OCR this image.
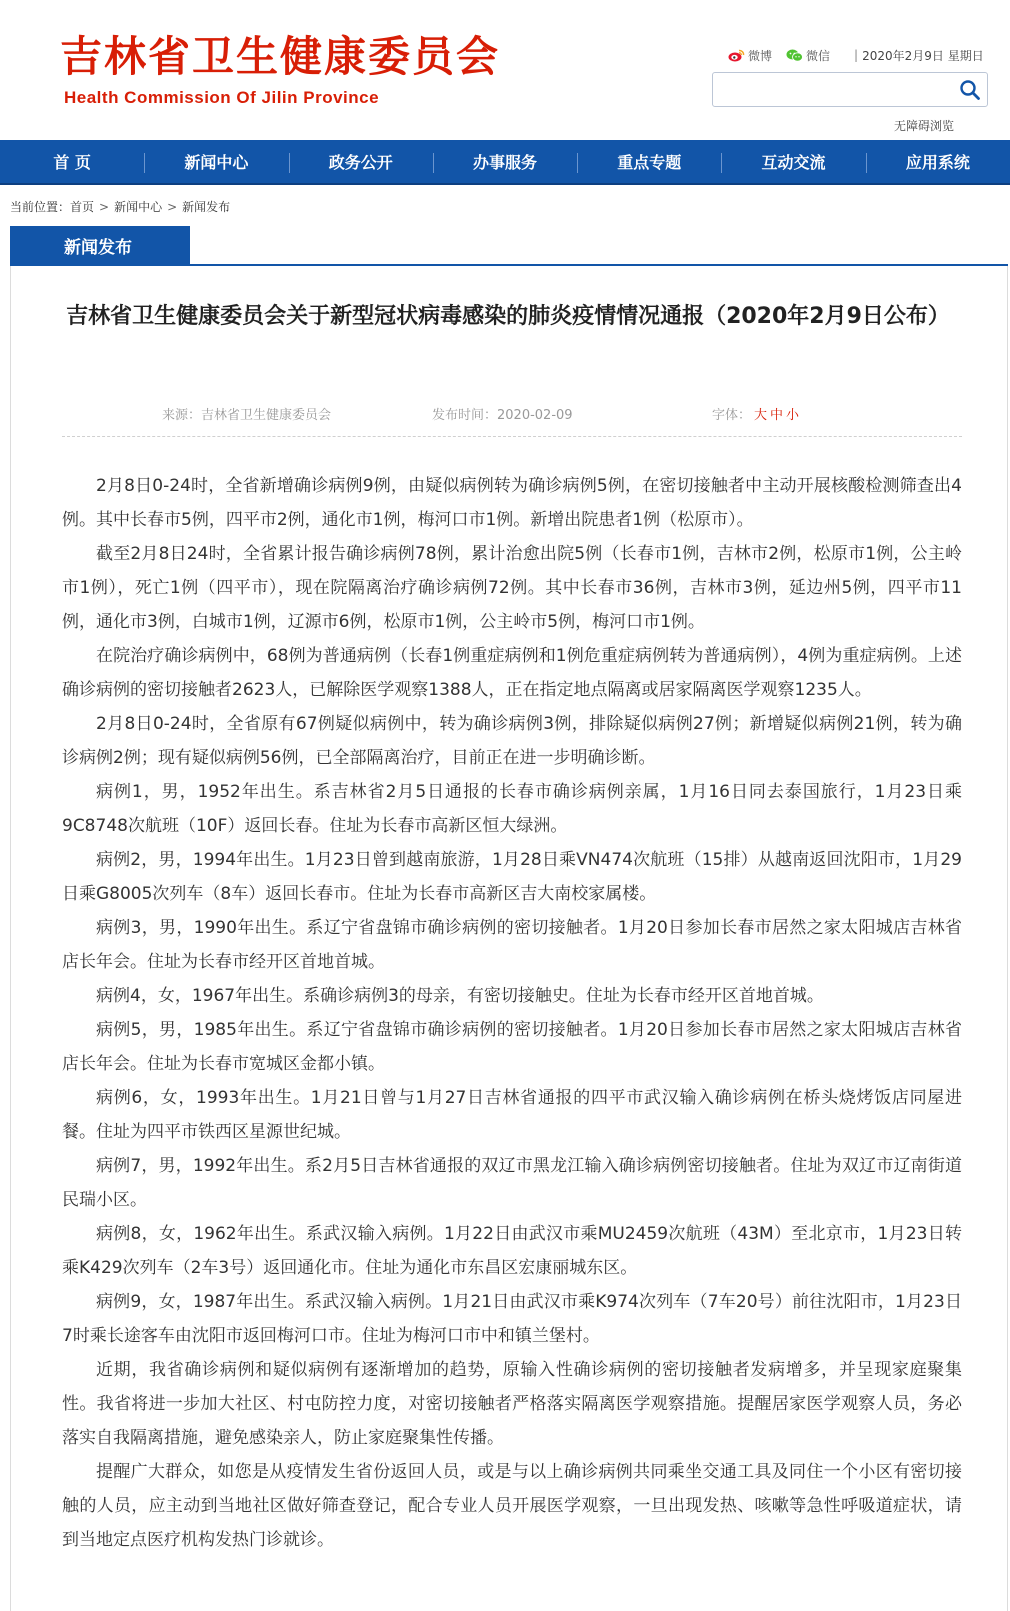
吉林省卫生健康委员会
Health Commission Of Jilin Province
微博	微信 | 2020年2月9日 星期日
无障碍浏览
首 页	新闻中心	政务公开	办事服务	重点专题	互动交流	应用系统
当前位置： 首页 > 新闻中心 > 新闻发布
新闻发布
吉林省卫生健康委员会关于新型冠状病毒感染的肺炎疫情情况通报（2020年2月9日公布）
来源：吉林省卫生健康委员会	发布时间：2020-02-09	字体： 大 中 小

2月8日0-24时，全省新增确诊病例9例，由疑似病例转为确诊病例5例，在密切接触者中主动开展核酸检测筛查出4例。其中长春市5例，四平市2例，通化市1例，梅河口市1例。新增出院患者1例（松原市）。

截至2月8日24时，全省累计报告确诊病例78例，累计治愈出院5例（长春市1例，吉林市2例，松原市1例，公主岭市1例），死亡1例（四平市），现在院隔离治疗确诊病例72例。其中长春市36例，吉林市3例，延边州5例，四平市11例，通化市3例，白城市1例，辽源市6例，松原市1例，公主岭市5例，梅河口市1例。

在院治疗确诊病例中，68例为普通病例（长春1例重症病例和1例危重症病例转为普通病例），4例为重症病例。上述确诊病例的密切接触者2623人，已解除医学观察1388人，正在指定地点隔离或居家隔离医学观察1235人。

2月8日0-24时，全省原有67例疑似病例中，转为确诊病例3例，排除疑似病例27例；新增疑似病例21例，转为确诊病例2例；现有疑似病例56例，已全部隔离治疗，目前正在进一步明确诊断。

病例1，男，1952年出生。系吉林省2月5日通报的长春市确诊病例亲属，1月16日同去泰国旅行，1月23日乘9C8748次航班（10F）返回长春。住址为长春市高新区恒大绿洲。

病例2，男，1994年出生。1月23日曾到越南旅游，1月28日乘VN474次航班（15排）从越南返回沈阳市，1月29日乘G8005次列车（8车）返回长春市。住址为长春市高新区吉大南校家属楼。

病例3，男，1990年出生。系辽宁省盘锦市确诊病例的密切接触者。1月20日参加长春市居然之家太阳城店吉林省店长年会。住址为长春市经开区首地首城。

病例4，女，1967年出生。系确诊病例3的母亲，有密切接触史。住址为长春市经开区首地首城。

病例5，男，1985年出生。系辽宁省盘锦市确诊病例的密切接触者。1月20日参加长春市居然之家太阳城店吉林省店长年会。住址为长春市宽城区金都小镇。

病例6，女，1993年出生。1月21日曾与1月27日吉林省通报的四平市武汉输入确诊病例在桥头烧烤饭店同屋进餐。住址为四平市铁西区星源世纪城。

病例7，男，1992年出生。系2月5日吉林省通报的双辽市黑龙江输入确诊病例密切接触者。住址为双辽市辽南街道民瑞小区。

病例8，女，1962年出生。系武汉输入病例。1月22日由武汉市乘MU2459次航班（43M）至北京市，1月23日转乘K429次列车（2车3号）返回通化市。住址为通化市东昌区宏康丽城东区。

病例9，女，1987年出生。系武汉输入病例。1月21日由武汉市乘K974次列车（7车20号）前往沈阳市，1月23日7时乘长途客车由沈阳市返回梅河口市。住址为梅河口市中和镇兰堡村。

近期，我省确诊病例和疑似病例有逐渐增加的趋势，原输入性确诊病例的密切接触者发病增多，并呈现家庭聚集性。我省将进一步加大社区、村屯防控力度，对密切接触者严格落实隔离医学观察措施。提醒居家医学观察人员，务必落实自我隔离措施，避免感染亲人，防止家庭聚集性传播。

提醒广大群众，如您是从疫情发生省份返回人员，或是与以上确诊病例共同乘坐交通工具及同住一个小区有密切接触的人员，应主动到当地社区做好筛查登记，配合专业人员开展医学观察，一旦出现发热、咳嗽等急性呼吸道症状，请到当地定点医疗机构发热门诊就诊。
